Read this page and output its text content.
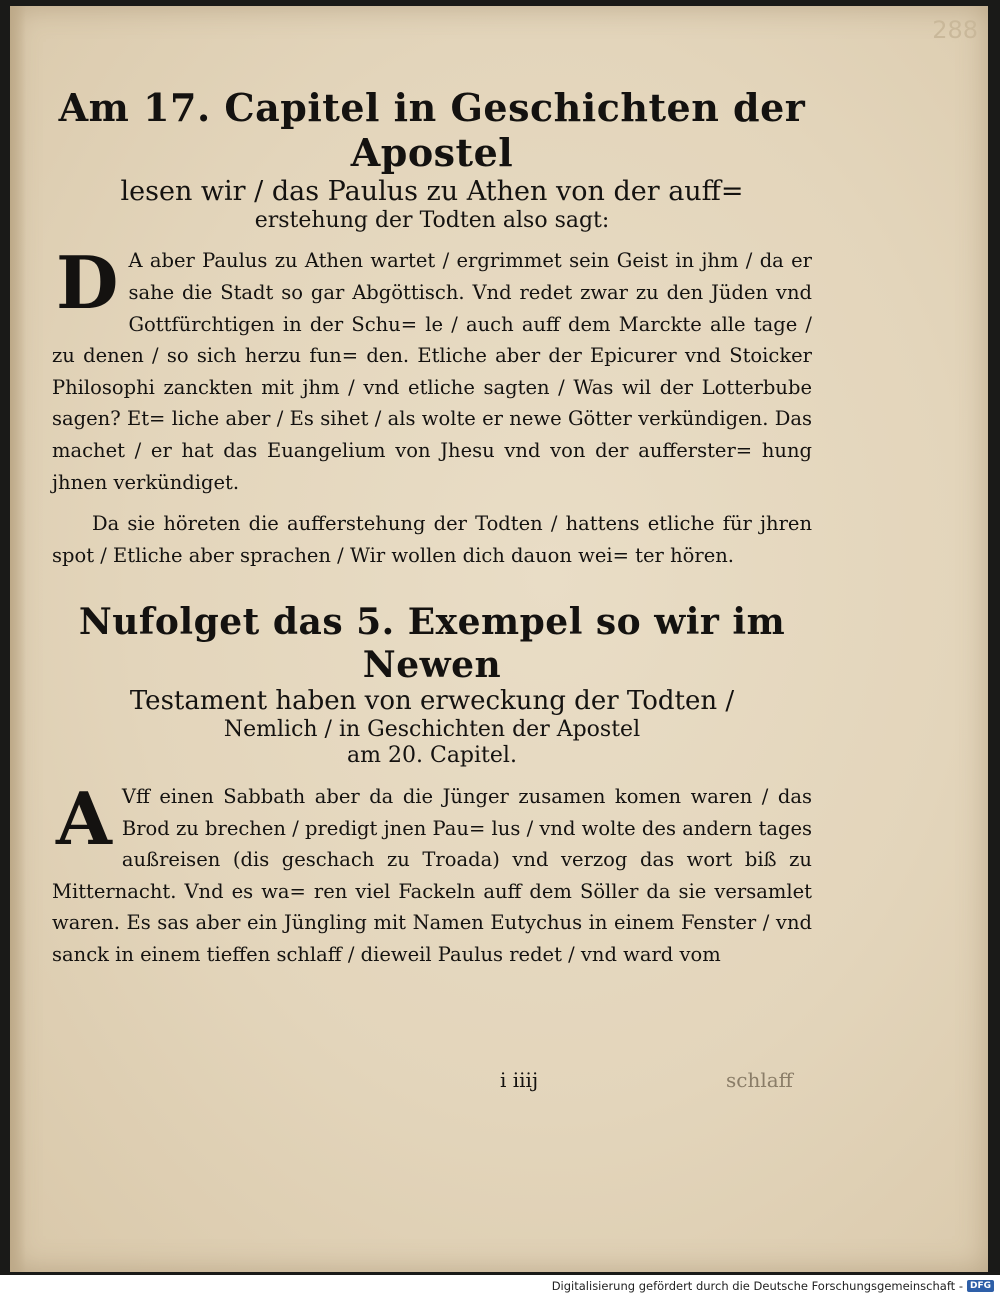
288
Am 17. Capitel in Geschichten der Apostel
lesen wir / das Paulus zu Athen von der auff=
erstehung der Todten also sagt:

D A aber Paulus zu Athen wartet / ergrimmet sein Geist in jhm / da er sahe die Stadt so gar Abgöttisch. Vnd redet zwar zu den Jüden vnd Gottfürchtigen in der Schu= le / auch auff dem Marckte alle tage / zu denen / so sich herzu fun= den. Etliche aber der Epicurer vnd Stoicker Philosophi zanckten mit jhm / vnd etliche sagten / Was wil der Lotterbube sagen? Et= liche aber / Es sihet / als wolte er newe Götter verkündigen. Das machet / er hat das Euangelium von Jhesu vnd von der aufferster= hung jhnen verkündiget.

Da sie höreten die aufferstehung der Todten / hattens etliche für jhren spot / Etliche aber sprachen / Wir wollen dich dauon wei= ter hören.

Nufolget das 5. Exempel so wir im Newen
Testament haben von erweckung der Todten /
Nemlich / in Geschichten der Apostel
am 20. Capitel.

A Vff einen Sabbath aber da die Jünger zusamen komen waren / das Brod zu brechen / predigt jnen Pau= lus / vnd wolte des andern tages außreisen (dis geschach zu Troada) vnd verzog das wort biß zu Mitternacht. Vnd es wa= ren viel Fackeln auff dem Söller da sie versamlet waren. Es sas aber ein Jüngling mit Namen Eutychus in einem Fenster / vnd sanck in einem tieffen schlaff / dieweil Paulus redet / vnd ward vom

i iiij	schlaff
Digitalisierung gefördert durch die Deutsche Forschungsgemeinschaft - DFG
